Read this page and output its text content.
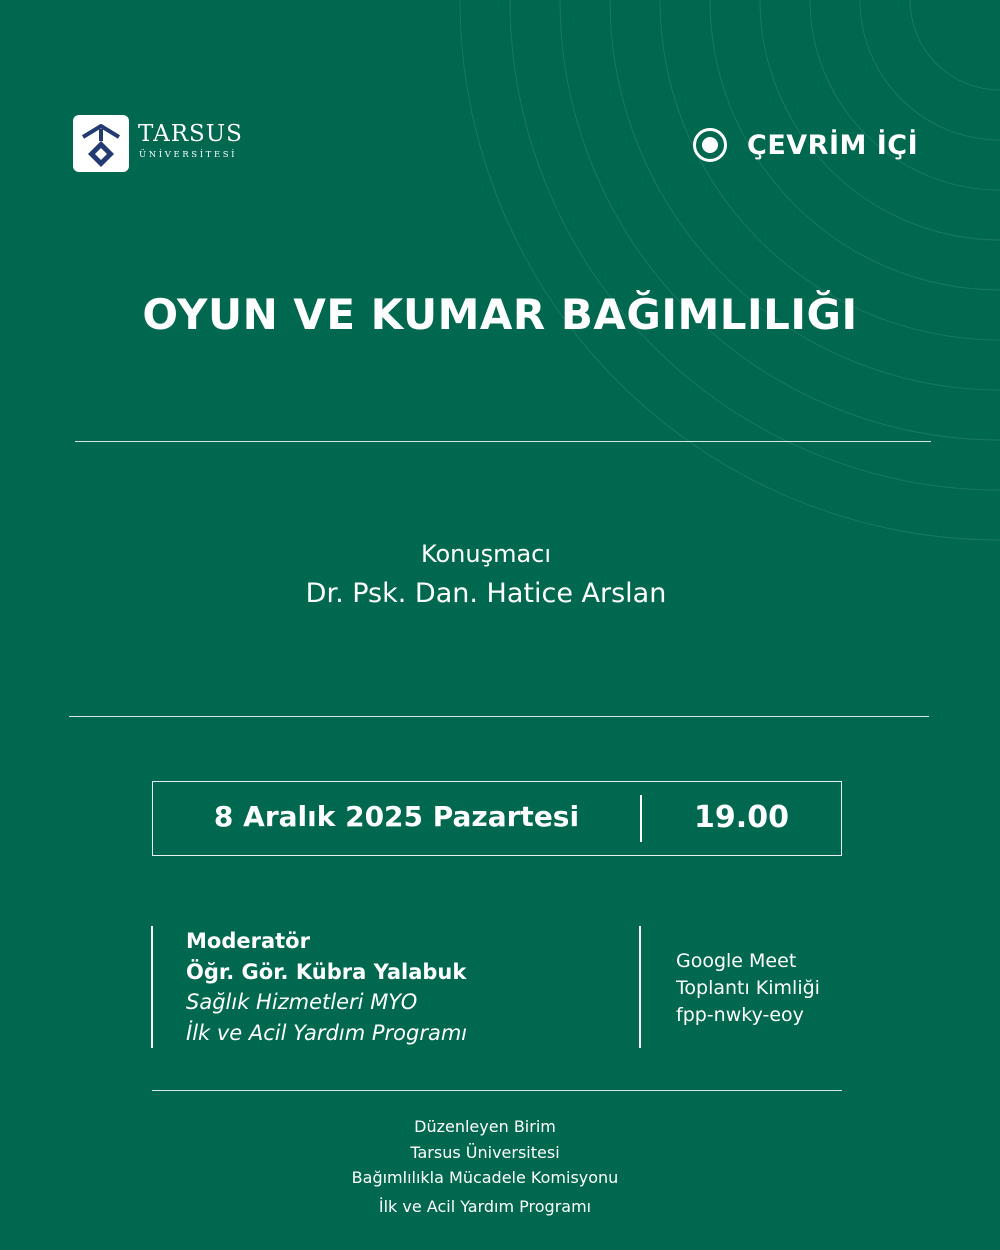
TARSUS
ÜNİVERSİTESİ	ÇEVRİM İÇİ
OYUN VE KUMAR BAĞIMLILIĞI
Konuşmacı
Dr. Psk. Dan. Hatice Arslan
8 Aralık 2025 Pazartesi	19.00
Moderatör
Öğr. Gör. Kübra Yalabuk
Sağlık Hizmetleri MYO
İlk ve Acil Yardım Programı
Google Meet
Toplantı Kimliği
fpp-nwky-eoy
Düzenleyen Birim
Tarsus Üniversitesi
Bağımlılıkla Mücadele Komisyonu
İlk ve Acil Yardım Programı
